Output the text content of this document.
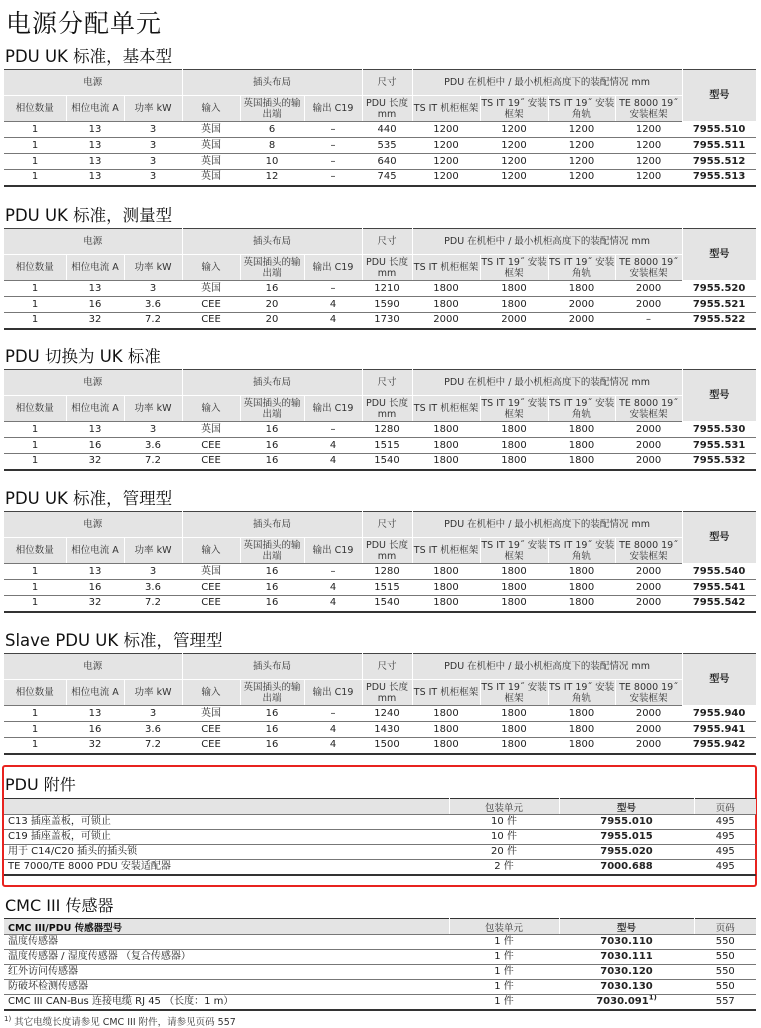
电源分配单元
PDU UK 标准，基本型
电源			插头布局			尺寸	PDU 在机柜中 / 最小机柜高度下的装配情况 mm				型号
相位数量	相位电流 A	功率 kW	输入	英国插头的输出端	输出 C19	PDU 长度 mm	TS IT 机柜框架	TS IT 19˝ 安装框架	TS IT 19˝ 安装角轨	TE 8000 19˝ 安装框架	
1	13	3	英国	6	–	440	1200	1200	1200	1200	7955.510
1	13	3	英国	8	–	535	1200	1200	1200	1200	7955.511
1	13	3	英国	10	–	640	1200	1200	1200	1200	7955.512
1	13	3	英国	12	–	745	1200	1200	1200	1200	7955.513
PDU UK 标准，测量型
电源			插头布局			尺寸	PDU 在机柜中 / 最小机柜高度下的装配情况 mm				型号
相位数量	相位电流 A	功率 kW	输入	英国插头的输出端	输出 C19	PDU 长度 mm	TS IT 机柜框架	TS IT 19˝ 安装框架	TS IT 19˝ 安装角轨	TE 8000 19˝ 安装框架	
1	13	3	英国	16	–	1210	1800	1800	1800	2000	7955.520
1	16	3.6	CEE	20	4	1590	1800	1800	2000	2000	7955.521
1	32	7.2	CEE	20	4	1730	2000	2000	2000	–	7955.522
PDU 切换为 UK 标准
电源			插头布局			尺寸	PDU 在机柜中 / 最小机柜高度下的装配情况 mm				型号
相位数量	相位电流 A	功率 kW	输入	英国插头的输出端	输出 C19	PDU 长度 mm	TS IT 机柜框架	TS IT 19˝ 安装框架	TS IT 19˝ 安装角轨	TE 8000 19˝ 安装框架	
1	13	3	英国	16	–	1280	1800	1800	1800	2000	7955.530
1	16	3.6	CEE	16	4	1515	1800	1800	1800	2000	7955.531
1	32	7.2	CEE	16	4	1540	1800	1800	1800	2000	7955.532
PDU UK 标准，管理型
电源			插头布局			尺寸	PDU 在机柜中 / 最小机柜高度下的装配情况 mm				型号
相位数量	相位电流 A	功率 kW	输入	英国插头的输出端	输出 C19	PDU 长度 mm	TS IT 机柜框架	TS IT 19˝ 安装框架	TS IT 19˝ 安装角轨	TE 8000 19˝ 安装框架	
1	13	3	英国	16	–	1280	1800	1800	1800	2000	7955.540
1	16	3.6	CEE	16	4	1515	1800	1800	1800	2000	7955.541
1	32	7.2	CEE	16	4	1540	1800	1800	1800	2000	7955.542
Slave PDU UK 标准，管理型
电源			插头布局			尺寸	PDU 在机柜中 / 最小机柜高度下的装配情况 mm				型号
相位数量	相位电流 A	功率 kW	输入	英国插头的输出端	输出 C19	PDU 长度 mm	TS IT 机柜框架	TS IT 19˝ 安装框架	TS IT 19˝ 安装角轨	TE 8000 19˝ 安装框架	
1	13	3	英国	16	–	1240	1800	1800	1800	2000	7955.940
1	16	3.6	CEE	16	4	1430	1800	1800	1800	2000	7955.941
1	32	7.2	CEE	16	4	1500	1800	1800	1800	2000	7955.942
PDU 附件
	包装单元	型号	页码
C13 插座盖板，可锁止	10 件	7955.010	495
C19 插座盖板，可锁止	10 件	7955.015	495
用于 C14/C20 插头的插头锁	20 件	7955.020	495
TE 7000/TE 8000 PDU 安装适配器	2 件	7000.688	495
CMC III 传感器
CMC III/PDU 传感器型号	包装单元	型号	页码
温度传感器	1 件	7030.110	550
温度传感器 / 湿度传感器 （复合传感器）	1 件	7030.111	550
红外访问传感器	1 件	7030.120	550
防破坏检测传感器	1 件	7030.130	550
CMC III CAN-Bus 连接电缆 RJ 45 （长度：1 m）	1 件	7030.091$^{1)}$	557
$^{1)}$ 其它电缆长度请参见 CMC III 附件，请参见页码 557
